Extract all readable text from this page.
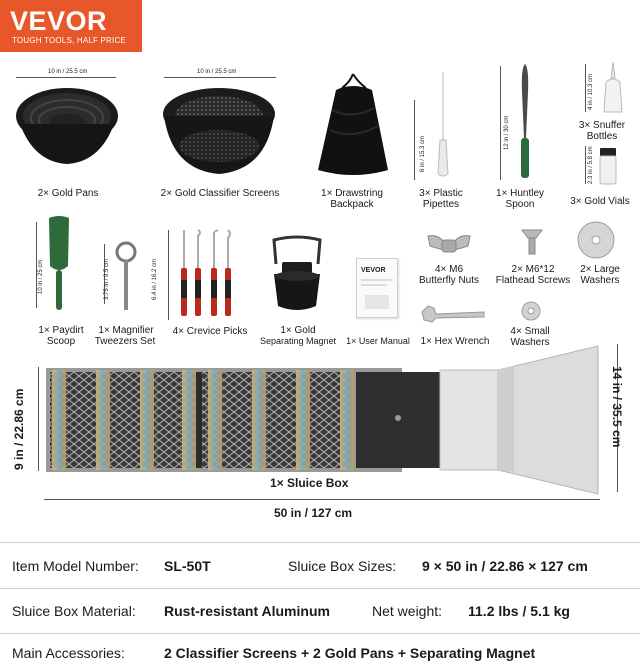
VEVOR
TOUGH TOOLS, HALF PRICE
10 in / 25.5 cm
2× Gold Pans
10 in / 25.5 cm
2× Gold Classifier Screens	1× Drawstring
Backpack
6 in / 15.3 cm
3× Plastic
Pipettes
12 in / 30 cm
1× Huntley
Spoon
4 in / 10.3 cm
3× Snuffer
Bottles
2.3 in / 5.8 cm
3× Gold Vials
10 in / 25 cm
1× Paydirt
Scoop
3.75 in / 9.5 cm
1× Magnifier
Tweezers Set
6.4 in / 16.2 cm
4× Crevice Picks	1× Gold
Separating Magnet
VEVOR
1× User Manual
4× M6
Butterfly Nuts
2× M6*12
Flathead Screws
2× Large
Washers
1× Hex Wrench
4× Small
Washers
9 in / 22.86 cm	14 in / 35.5 cm
1× Sluice Box
50 in / 127 cm
Item Model Number: SL-50T	Sluice Box Sizes: 9 × 50 in / 22.86 × 127 cm
Sluice Box Material: Rust-resistant Aluminum	Net weight: 11.2 lbs / 5.1 kg
Main Accessories:	2 Classifier Screens + 2 Gold Pans + Separating Magnet
